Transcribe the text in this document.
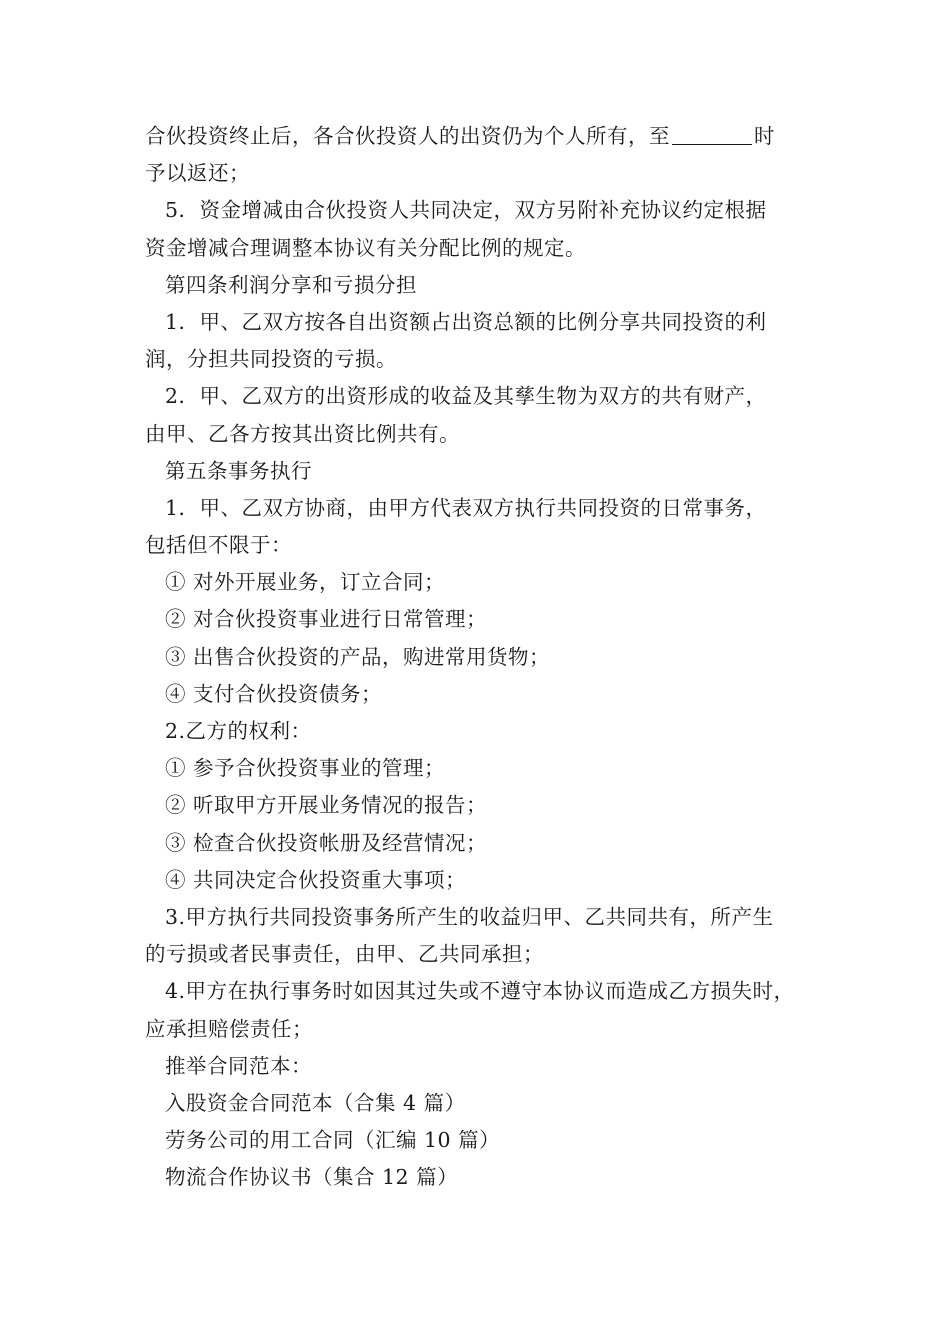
合伙投资终止后，各合伙投资人的出资仍为个人所有，至	时
予以返还；
5．资金增减由合伙投资人共同决定，双方另附补充协议约定根据
资金增减合理调整本协议有关分配比例的规定。
第四条利润分享和亏损分担
1．甲、乙双方按各自出资额占出资总额的比例分享共同投资的利
润，分担共同投资的亏损。
2．甲、乙双方的出资形成的收益及其孳生物为双方的共有财产，
由甲、乙各方按其出资比例共有。
第五条事务执行
1．甲、乙双方协商，由甲方代表双方执行共同投资的日常事务，
包括但不限于：
① 对外开展业务，订立合同；
② 对合伙投资事业进行日常管理；
③ 出售合伙投资的产品，购进常用货物；
④ 支付合伙投资债务；
2.乙方的权利：
① 参予合伙投资事业的管理；
② 听取甲方开展业务情况的报告；
③ 检查合伙投资帐册及经营情况；
④ 共同决定合伙投资重大事项；
3.甲方执行共同投资事务所产生的收益归甲、乙共同共有，所产生
的亏损或者民事责任，由甲、乙共同承担；
4.甲方在执行事务时如因其过失或不遵守本协议而造成乙方损失时，
应承担赔偿责任；
推举合同范本：
入股资金合同范本（合集 4 篇）
劳务公司的用工合同（汇编 10 篇）
物流合作协议书（集合 12 篇）
